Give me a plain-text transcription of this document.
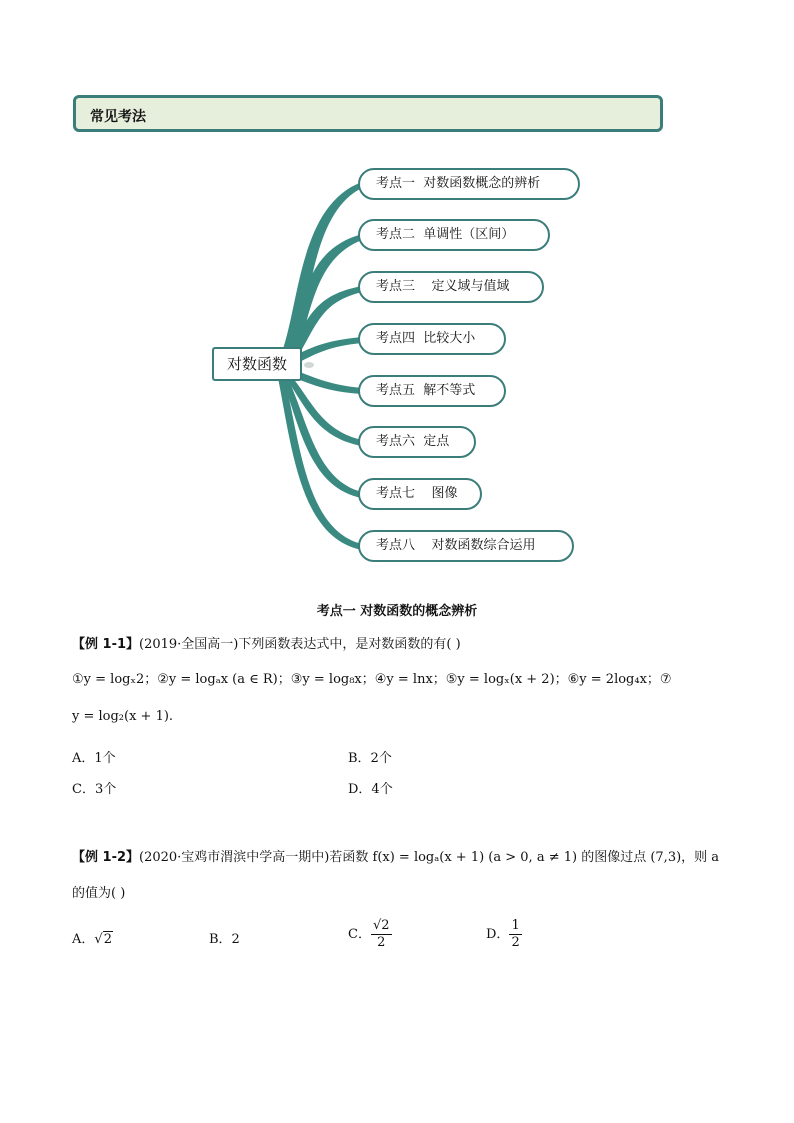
常见考法
对数函数
考点一  对数函数概念的辨析
考点二  单调性（区间）
考点三    定义域与值域
考点四  比较大小
考点五  解不等式
考点六  定点
考点七    图像
考点八    对数函数综合运用
考点一 对数函数的概念辨析
【例 1-1】(2019·全国高一)下列函数表达式中，是对数函数的有( )
①y = logₓ2；②y = logₐx (a ∈ R)；③y = log₈x；④y = lnx；⑤y = logₓ(x + 2)；⑥y = 2log₄x；⑦
y = log₂(x + 1).
A．1个	B．2个
C．3个	D．4个
【例 1-2】(2020·宝鸡市渭滨中学高一期中)若函数 f(x) = logₐ(x + 1) (a > 0, a ≠ 1) 的图像过点 (7,3)，则 a
的值为( )
A．√2	B．2	C． $\frac{√2}{2}$	D． $\frac{1}{2}$
